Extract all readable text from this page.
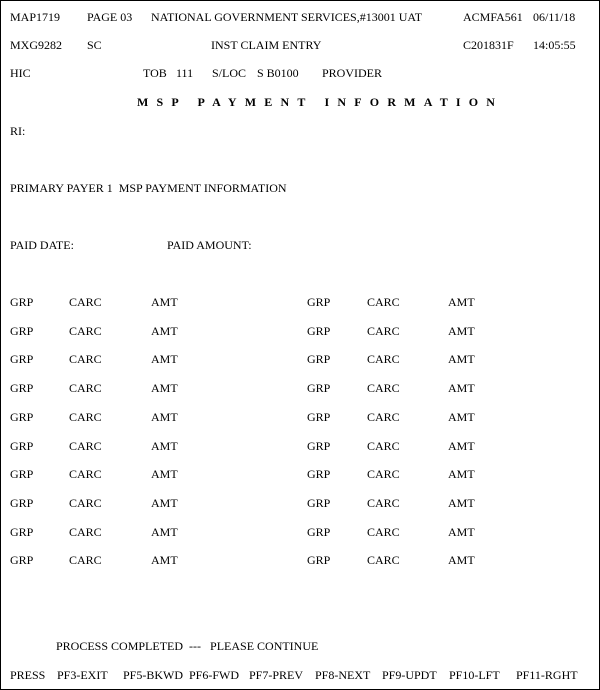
MAP1719 PAGE 03 NATIONAL GOVERNMENT SERVICES,#13001 UAT	ACMFA561 06/11/18
MXG9282 SC	INST CLAIM ENTRY	C201831F 14:05:55
HIC	TOB 111 S/LOC S B0100 PROVIDER
MSP PAYMENT INFORMATION
RI:
PRIMARY PAYER 1  MSP PAYMENT INFORMATION
PAID DATE:	PAID AMOUNT:
GRP	CARC	AMT	GRP	CARC	AMT
GRP	CARC	AMT	GRP	CARC	AMT
GRP	CARC	AMT	GRP	CARC	AMT
GRP	CARC	AMT	GRP	CARC	AMT
GRP	CARC	AMT	GRP	CARC	AMT
GRP	CARC	AMT	GRP	CARC	AMT
GRP	CARC	AMT	GRP	CARC	AMT
GRP	CARC	AMT	GRP	CARC	AMT
GRP	CARC	AMT	GRP	CARC	AMT
GRP	CARC	AMT	GRP	CARC	AMT
PROCESS COMPLETED  ---   PLEASE CONTINUE
PRESS PF3-EXIT PF5-BKWD PF6-FWD PF7-PREV PF8-NEXT PF9-UPDT PF10-LFT PF11-RGHT
